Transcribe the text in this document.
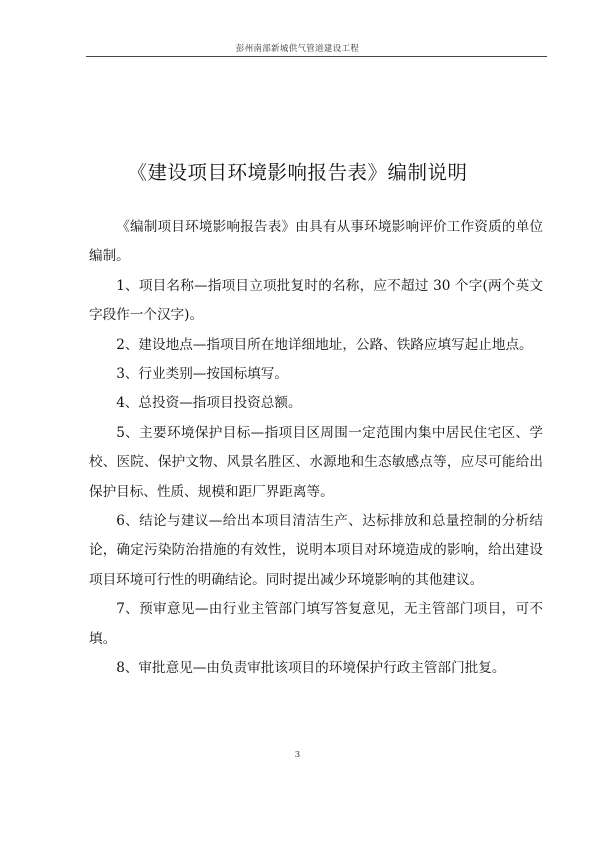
彭州南部新城供气管道建设工程
《建设项目环境影响报告表》编制说明

《编制项目环境影响报告表》由具有从事环境影响评价工作资质的单位编制。

1、项目名称—指项目立项批复时的名称，应不超过 30 个字(两个英文字段作一个汉字)。

2、建设地点—指项目所在地详细地址，公路、铁路应填写起止地点。

3、行业类别—按国标填写。

4、总投资—指项目投资总额。

5、主要环境保护目标—指项目区周围一定范围内集中居民住宅区、学校、医院、保护文物、风景名胜区、水源地和生态敏感点等，应尽可能给出保护目标、性质、规模和距厂界距离等。

6、结论与建议—给出本项目清洁生产、达标排放和总量控制的分析结论，确定污染防治措施的有效性，说明本项目对环境造成的影响，给出建设项目环境可行性的明确结论。同时提出减少环境影响的其他建议。

7、预审意见—由行业主管部门填写答复意见，无主管部门项目，可不填。

8、审批意见—由负责审批该项目的环境保护行政主管部门批复。

3
